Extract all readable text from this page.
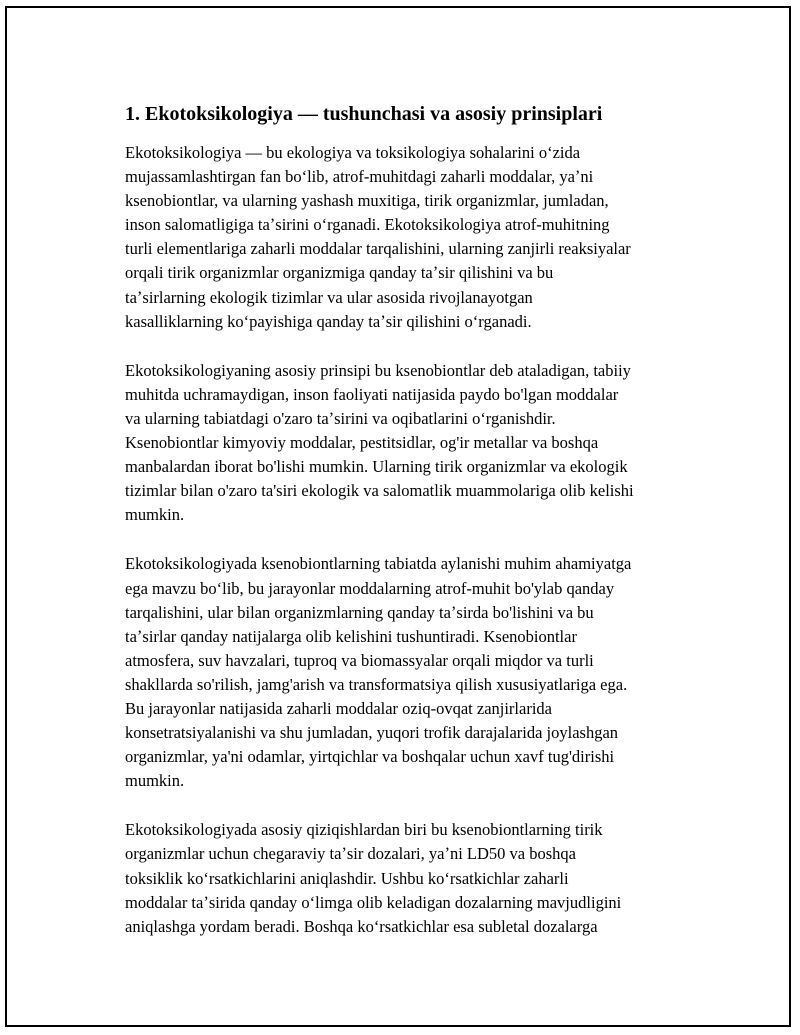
1. Ekotoksikologiya — tushunchasi va asosiy prinsiplari

Ekotoksikologiya — bu ekologiya va toksikologiya sohalarini oʻzida
mujassamlashtirgan fan boʻlib, atrof-muhitdagi zaharli moddalar, yaʼni
ksenobiontlar, va ularning yashash muxitiga, tirik organizmlar, jumladan,
inson salomatligiga taʼsirini oʻrganadi. Ekotoksikologiya atrof-muhitning
turli elementlariga zaharli moddalar tarqalishini, ularning zanjirli reaksiyalar
orqali tirik organizmlar organizmiga qanday taʼsir qilishini va bu
taʼsirlarning ekologik tizimlar va ular asosida rivojlanayotgan
kasalliklarning koʻpayishiga qanday taʼsir qilishini oʻrganadi.

Ekotoksikologiyaning asosiy prinsipi bu ksenobiontlar deb ataladigan, tabiiy
muhitda uchramaydigan, inson faoliyati natijasida paydo bo'lgan moddalar
va ularning tabiatdagi o'zaro taʼsirini va oqibatlarini oʻrganishdir.
Ksenobiontlar kimyoviy moddalar, pestitsidlar, og'ir metallar va boshqa
manbalardan iborat bo'lishi mumkin. Ularning tirik organizmlar va ekologik
tizimlar bilan o'zaro ta'siri ekologik va salomatlik muammolariga olib kelishi
mumkin.

Ekotoksikologiyada ksenobiontlarning tabiatda aylanishi muhim ahamiyatga
ega mavzu boʻlib, bu jarayonlar moddalarning atrof-muhit bo'ylab qanday
tarqalishini, ular bilan organizmlarning qanday taʼsirda bo'lishini va bu
taʼsirlar qanday natijalarga olib kelishini tushuntiradi. Ksenobiontlar
atmosfera, suv havzalari, tuproq va biomassyalar orqali miqdor va turli
shakllarda so'rilish, jamg'arish va transformatsiya qilish xususiyatlariga ega.
Bu jarayonlar natijasida zaharli moddalar oziq-ovqat zanjirlarida
konsetratsiyalanishi va shu jumladan, yuqori trofik darajalarida joylashgan
organizmlar, ya'ni odamlar, yirtqichlar va boshqalar uchun xavf tug'dirishi
mumkin.

Ekotoksikologiyada asosiy qiziqishlardan biri bu ksenobiontlarning tirik
organizmlar uchun chegaraviy taʼsir dozalari, yaʼni LD50 va boshqa
toksiklik koʻrsatkichlarini aniqlashdir. Ushbu koʻrsatkichlar zaharli
moddalar taʼsirida qanday oʻlimga olib keladigan dozalarning mavjudligini
aniqlashga yordam beradi. Boshqa koʻrsatkichlar esa subletal dozalarga
